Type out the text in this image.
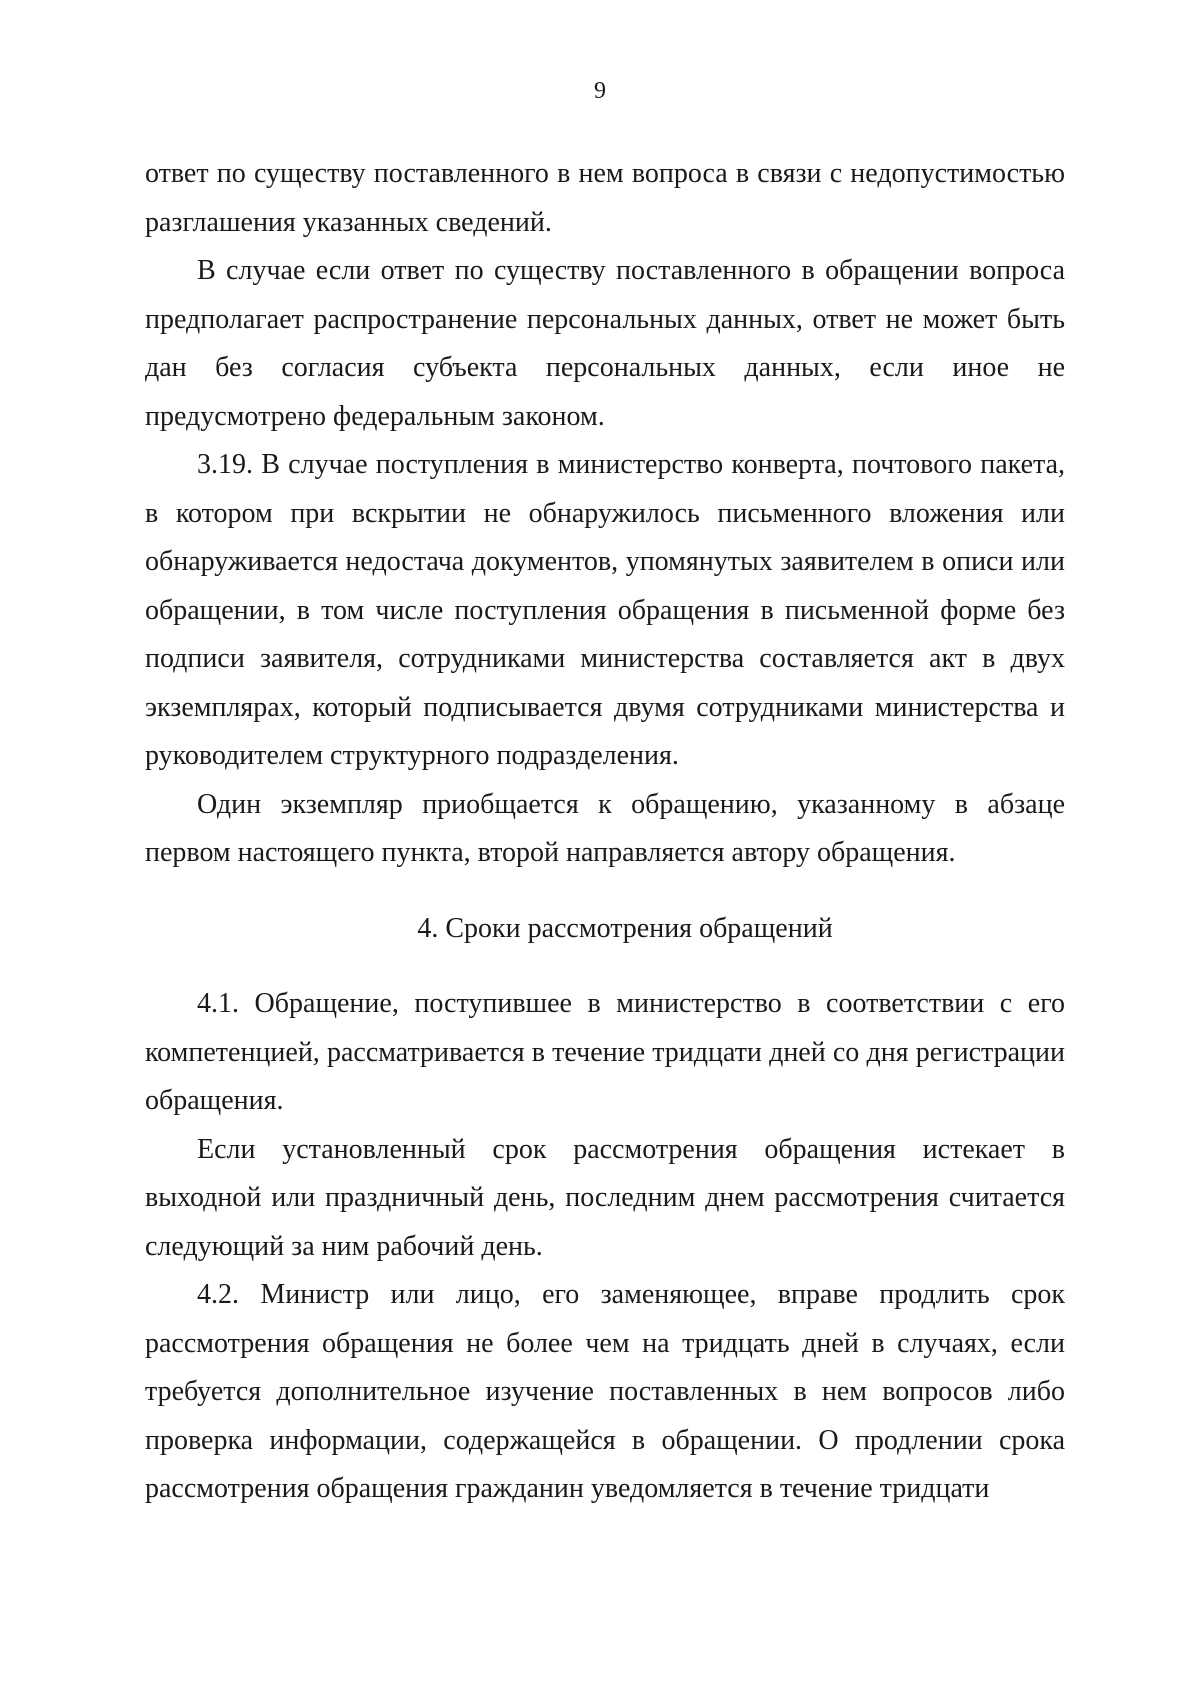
9

ответ по существу поставленного в нем вопроса в связи с недопустимостью разглашения указанных сведений.

В случае если ответ по существу поставленного в обращении вопроса предполагает распространение персональных данных, ответ не может быть дан без согласия субъекта персональных данных, если иное не предусмотрено федеральным законом.

3.19. В случае поступления в министерство конверта, почтового пакета, в котором при вскрытии не обнаружилось письменного вложения или обнаруживается недостача документов, упомянутых заявителем в описи или обращении, в том числе поступления обращения в письменной форме без подписи заявителя, сотрудниками министерства составляется акт в двух экземплярах, который подписывается двумя сотрудниками министерства и руководителем структурного подразделения.

Один экземпляр приобщается к обращению, указанному в абзаце первом настоящего пункта, второй направляется автору обращения.

4. Сроки рассмотрения обращений

4.1. Обращение, поступившее в министерство в соответствии с его компетенцией, рассматривается в течение тридцати дней со дня регистрации обращения.

Если установленный срок рассмотрения обращения истекает в выходной или праздничный день, последним днем рассмотрения считается следующий за ним рабочий день.

4.2. Министр или лицо, его заменяющее, вправе продлить срок рассмотрения обращения не более чем на тридцать дней в случаях, если требуется дополнительное изучение поставленных в нем вопросов либо проверка информации, содержащейся в обращении. О продлении срока рассмотрения обращения гражданин уведомляется в течение тридцати
